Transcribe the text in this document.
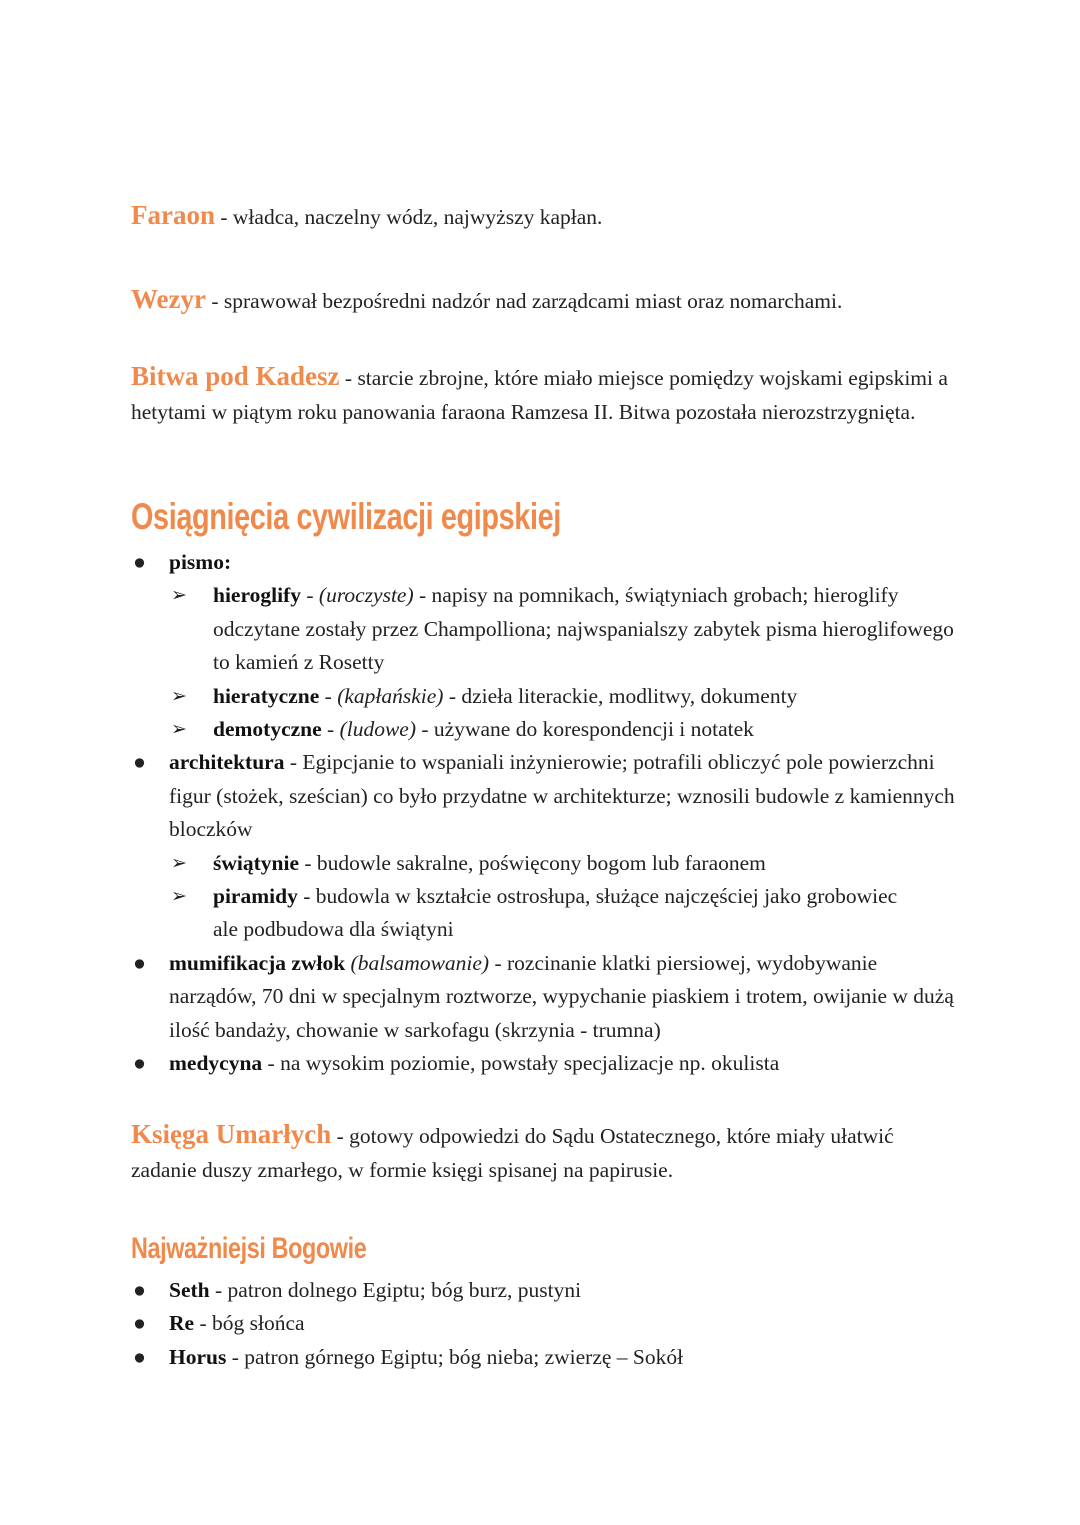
Faraon - władca, naczelny wódz, najwyższy kapłan.
Wezyr - sprawował bezpośredni nadzór nad zarządcami miast oraz nomarchami.
Bitwa pod Kadesz - starcie zbrojne, które miało miejsce pomiędzy wojskami egipskimi a hetytami w piątym roku panowania faraona Ramzesa II. Bitwa pozostała nierozstrzygnięta.
Osiągnięcia cywilizacji egipskiej
● pismo:
➢ hieroglify - (uroczyste) - napisy na pomnikach, świątyniach grobach; hieroglify odczytane zostały przez Champolliona; najwspanialszy zabytek pisma hieroglifowego to kamień z Rosetty
➢ hieratyczne - (kapłańskie) - dzieła literackie, modlitwy, dokumenty
➢ demotyczne - (ludowe) - używane do korespondencji i notatek
● architektura - Egipcjanie to wspaniali inżynierowie; potrafili obliczyć pole powierzchni figur (stożek, sześcian) co było przydatne w architekturze; wznosili budowle z kamiennych bloczków
➢ świątynie - budowle sakralne, poświęcony bogom lub faraonem
➢ piramidy - budowla w kształcie ostrosłupa, służące najczęściej jako grobowiec ale podbudowa dla świątyni
● mumifikacja zwłok (balsamowanie) - rozcinanie klatki piersiowej, wydobywanie narządów, 70 dni w specjalnym roztworze, wypychanie piaskiem i trotem, owijanie w dużą ilość bandaży, chowanie w sarkofagu (skrzynia - trumna)
● medycyna - na wysokim poziomie, powstały specjalizacje np. okulista
Księga Umarłych - gotowy odpowiedzi do Sądu Ostatecznego, które miały ułatwić zadanie duszy zmarłego, w formie księgi spisanej na papirusie.
Najważniejsi Bogowie
● Seth - patron dolnego Egiptu; bóg burz, pustyni
● Re - bóg słońca
● Horus - patron górnego Egiptu; bóg nieba; zwierzę – Sokół
